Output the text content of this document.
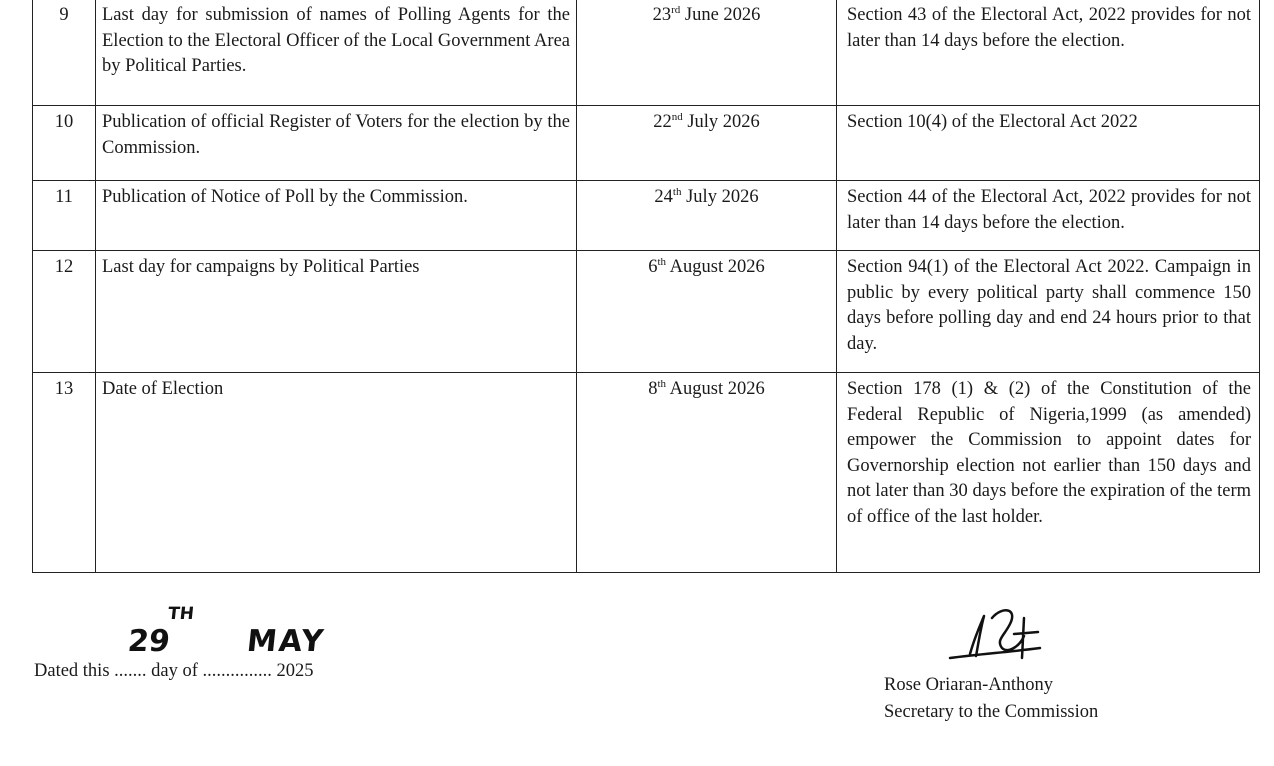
9	Last day for submission of names of Polling Agents for the Election to the Electoral Officer of the Local Government Area by Political Parties.	23rd June 2026	Section 43 of the Electoral Act, 2022 provides for not later than 14 days before the election.
10	Publication of official Register of Voters for the election by the Commission.	22nd July 2026	Section 10(4) of the Electoral Act 2022
11	Publication of Notice of Poll by the Commission.	24th July 2026	Section 44 of the Electoral Act, 2022 provides for not later than 14 days before the election.
12	Last day for campaigns by Political Parties	6th August 2026	Section 94(1) of the Electoral Act 2022. Campaign in public by every political party shall commence 150 days before polling day and end 24 hours prior to that day.
13	Date of Election	8th August 2026	Section 178 (1) & (2) of the Constitution of the Federal Republic of Nigeria,1999 (as amended) empower the Commission to appoint dates for Governorship election not earlier than 150 days and not later than 30 days before the expiration of the term of office of the last holder.
Dated this ....... day of ............... 2025
29
TH
MAY
Rose Oriaran-Anthony
Secretary to the Commission
